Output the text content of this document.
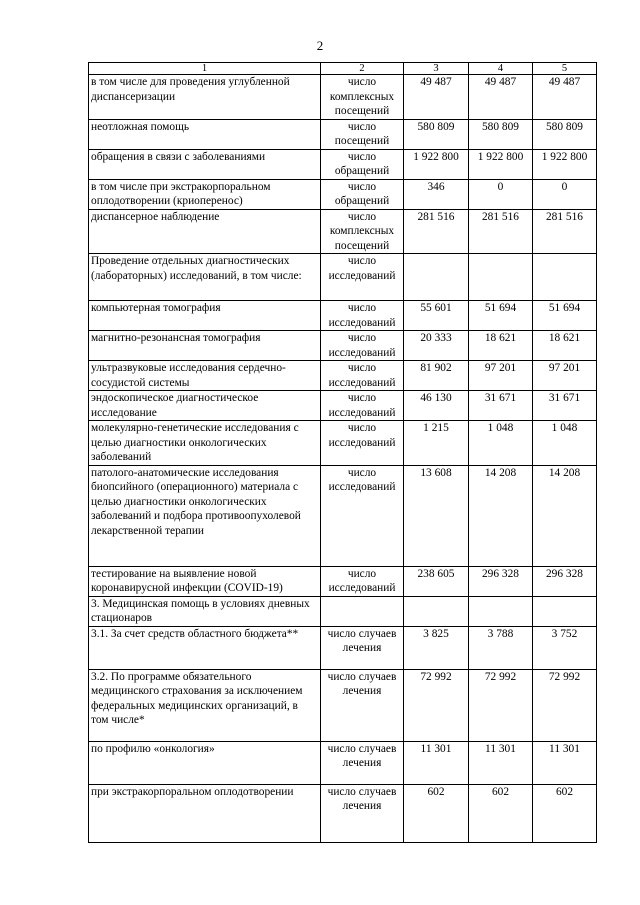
2
1	2	3	4	5
в том числе для проведения углубленной диспансеризации	число комплексных посещений	49 487	49 487	49 487
неотложная помощь	число посещений	580 809	580 809	580 809
обращения в связи с заболеваниями	число обращений	1 922 800	1 922 800	1 922 800
в том числе при экстракорпоральном оплодотворении (криоперенос)	число обращений	346	0	0
диспансерное наблюдение	число комплексных посещений	281 516	281 516	281 516
Проведение отдельных диагностических (лабораторных) исследований, в том числе:	число исследований			
компьютерная томография	число исследований	55 601	51 694	51 694
магнитно-резонансная томография	число исследований	20 333	18 621	18 621
ультразвуковые исследования сердечно-сосудистой системы	число исследований	81 902	97 201	97 201
эндоскопическое диагностическое исследование	число исследований	46 130	31 671	31 671
молекулярно-генетические исследования с целью диагностики онкологических заболеваний	число исследований	1 215	1 048	1 048
патолого-анатомические исследования биопсийного (операционного) материала с целью диагностики онкологических заболеваний и подбора противоопухолевой лекарственной терапии	число исследований	13 608	14 208	14 208
тестирование на выявление новой коронавирусной инфекции (COVID-19)	число исследований	238 605	296 328	296 328
3. Медицинская помощь в условиях дневных стационаров				
3.1. За счет средств областного бюджета**	число случаев лечения	3 825	3 788	3 752
3.2. По программе обязательного медицинского страхования за исключением федеральных медицинских организаций, в том числе*	число случаев лечения	72 992	72 992	72 992
по профилю «онкология»	число случаев лечения	11 301	11 301	11 301
при экстракорпоральном оплодотворении	число случаев лечения	602	602	602
